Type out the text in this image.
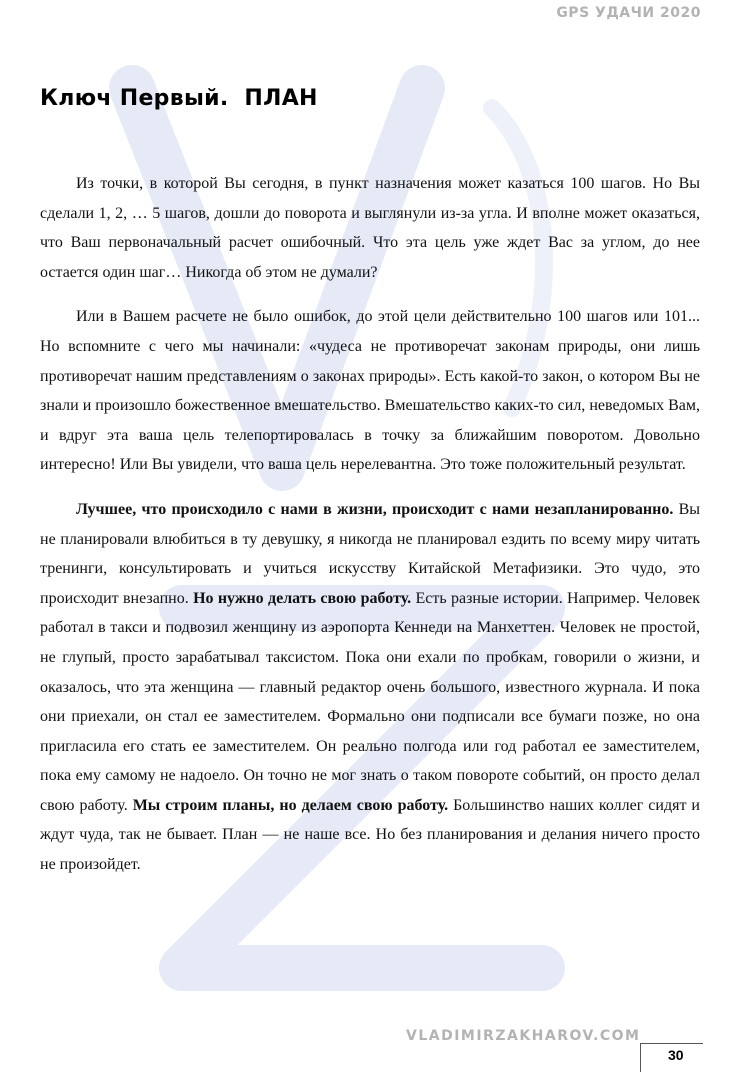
GPS УДАЧИ 2020
Ключ Первый.  ПЛАН

Из точки, в которой Вы сегодня, в пункт назначения может казаться 100 шагов. Но Вы сделали 1, 2, … 5 шагов, дошли до поворота и выглянули из-за угла. И вполне может оказаться, что Ваш первоначальный расчет ошибочный. Что эта цель уже ждет Вас за углом, до нее остается один шаг… Никогда об этом не думали?

Или в Вашем расчете не было ошибок, до этой цели действительно 100 шагов или 101... Но вспомните с чего мы начинали: «чудеса не противоречат законам природы, они лишь противоречат нашим представлениям о законах природы». Есть какой-то закон, о котором Вы не знали и произошло божественное вмешательство. Вмешательство каких-то сил, неведомых Вам, и вдруг эта ваша цель телепортировалась в точку за ближайшим поворотом. Довольно интересно! Или Вы увидели, что ваша цель нерелевантна. Это тоже положительный результат.

Лучшее, что происходило с нами в жизни, происходит с нами незапланированно. Вы не планировали влюбиться в ту девушку, я никогда не планировал ездить по всему миру читать тренинги, консультировать и учиться искусству Китайской Метафизики. Это чудо, это происходит внезапно. Но нужно делать свою работу. Есть разные истории. Например. Человек работал в такси и подвозил женщину из аэропорта Кеннеди на Манхеттен. Человек не простой, не глупый, просто зарабатывал таксистом. Пока они ехали по пробкам, говорили о жизни, и оказалось, что эта женщина — главный редактор очень большого, известного журнала. И пока они приехали, он стал ее заместителем. Формально они подписали все бумаги позже, но она пригласила его стать ее заместителем. Он реально полгода или год работал ее заместителем, пока ему самому не надоело. Он точно не мог знать о таком повороте событий, он просто делал свою работу. Мы строим планы, но делаем свою работу. Большинство наших коллег сидят и ждут чуда, так не бывает. План — не наше все. Но без планирования и делания ничего просто не произойдет.

VLADIMIRZAKHAROV.COM
30
